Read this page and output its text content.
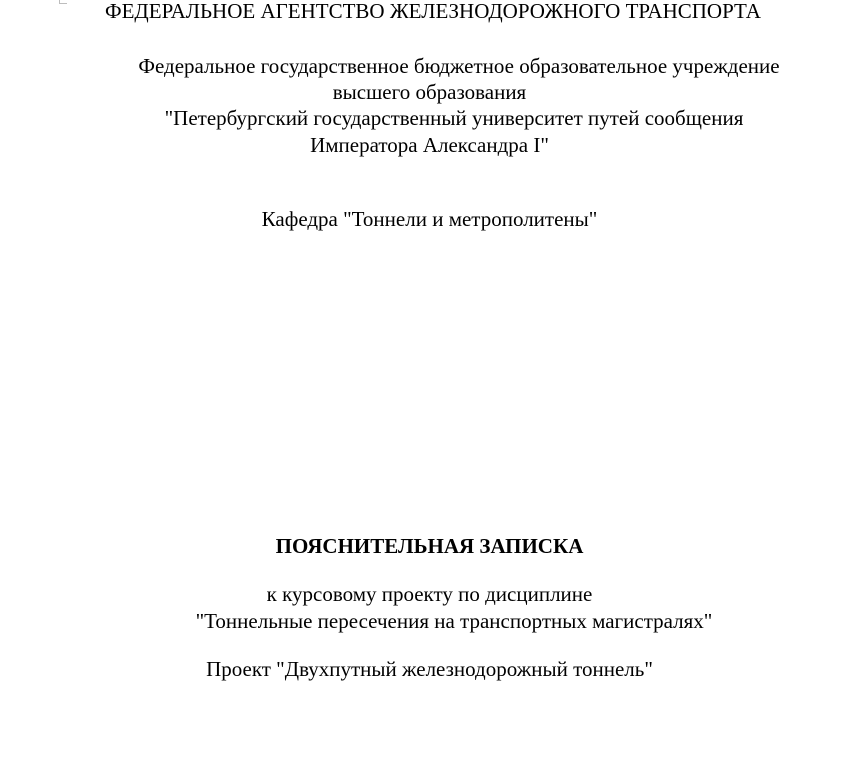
ФЕДЕРАЛЬНОЕ АГЕНТСТВО ЖЕЛЕЗНОДОРОЖНОГО ТРАНСПОРТА
Федеральное государственное бюджетное образовательное учреждение
высшего образования
"Петербургский государственный университет путей сообщения
Императора Александра I"
Кафедра "Тоннели и метрополитены"
ПОЯСНИТЕЛЬНАЯ ЗАПИСКА
к курсовому проекту по дисциплине
"Тоннельные пересечения на транспортных магистралях"
Проект "Двухпутный железнодорожный тоннель"
